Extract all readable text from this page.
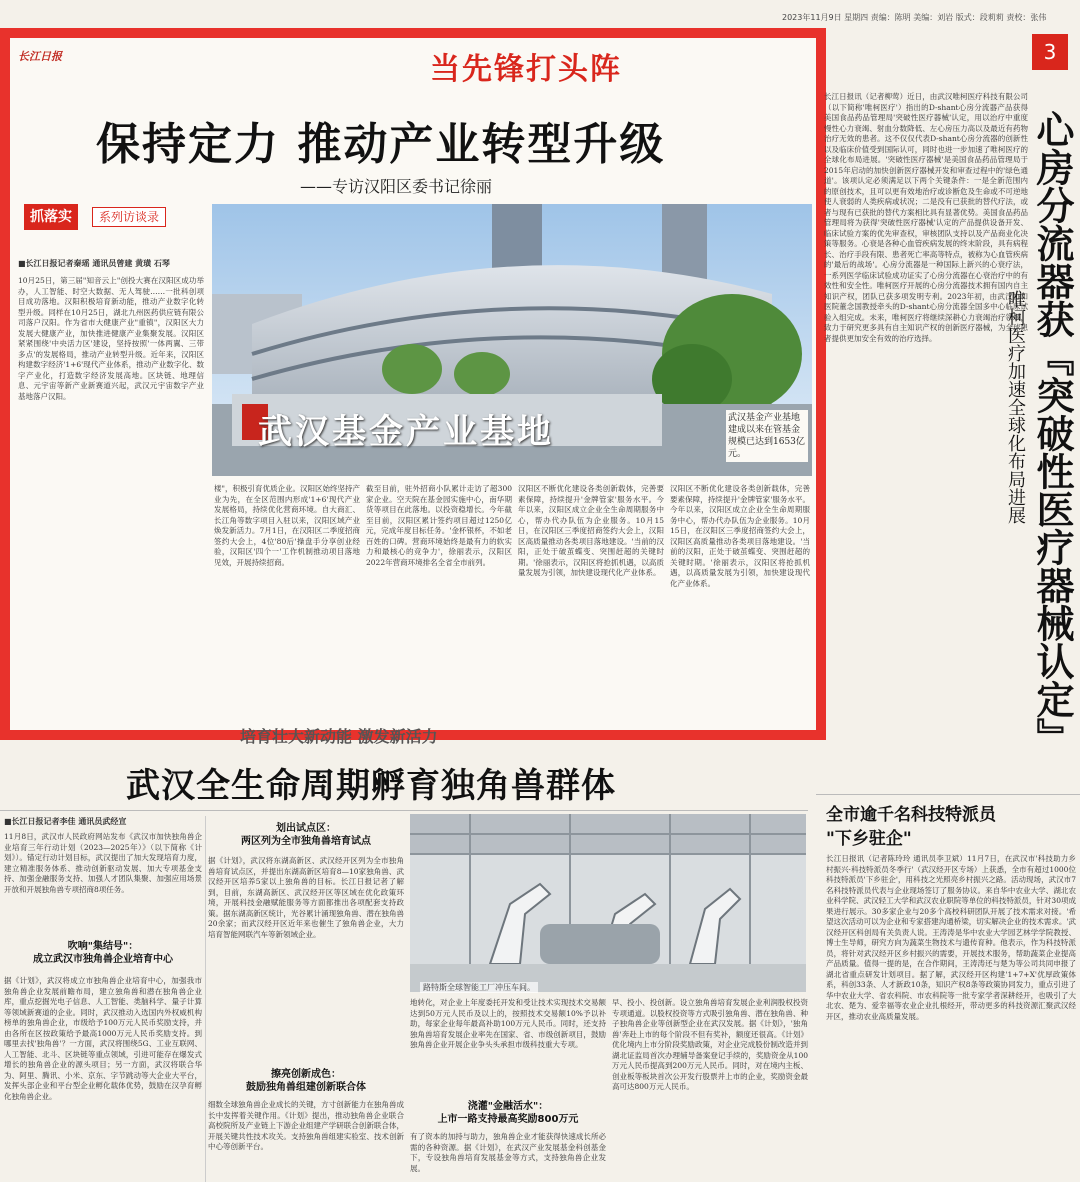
2023年11月9日 星期四 责编：陈明 美编：刘岩 版式：段莉莉 责校：张伟
3
长江日报	当先锋打头阵
保持定力 推动产业转型升级
——专访汉阳区委书记徐丽
抓落实	系列访谈录
■长江日报记者秦瑶 通讯员曾建 黄璜 石琴
武汉基金产业基地	武汉基金产业基地建成以来在管基金规模已达到1653亿元。
10月25日，第三届"知音云上"创投大赛在汉阳区成功举办，人工智能、时空大数据、无人驾驶……一批科创项目成功落地。汉阳积极培育新动能，推动产业数字化转型升级。同样在10月25日，湖北九州医药供应链有限公司落户汉阳。作为省市大健康产业"重镇"，汉阳区大力发展大健康产业，加快推进健康产业集聚发展。汉阳区紧紧围绕'中央活力区'建设，坚持按照'一体两翼、三带多点'的发展格局，推动产业转型升级。近年来，汉阳区构建数字经济'1+6'现代产业体系，推动产业数字化、数字产业化，打造数字经济发展高地。区块链、地理信息、元宇宙等新产业新赛道兴起，武汉元宇宙数字产业基地落户汉阳。
楼"，积极引育优质企业。汉阳区始终坚持产业为先，在全区范围内形成'1+6'现代产业发展格局，持续优化营商环境。自大商汇、长江角等数字项目入驻以来，汉阳区域产业焕发新活力。7月1日，在汉阳区二季度招商签约大会上，4位'80后'操盘手分享创业经验，汉阳区'四个一'工作机制推动项目落地见效，开展持续招商。
截至目前，驻外招商小队累计走访了超300家企业。空天院在基金园实施中心，南华期货等项目在此落地。以投资稳增长。今年截至目前，汉阳区累计签约项目超过1250亿元，完成年度目标任务。'金杯银杯，不如老百姓的口碑。营商环境始终是最有力的软实力和最核心的竞争力'，徐丽表示，汉阳区2022年营商环境排名全省全市前列。
汉阳区不断优化建设各类创新载体，完善要素保障，持续提升'金牌管家'服务水平。今年以来，汉阳区成立企业全生命周期服务中心，帮办代办队伍为企业服务。10月15日，在汉阳区三季度招商签约大会上，汉阳区高质量推动各类项目落地建设。'当前的汉阳，正处于破茧蝶变、突围赶超的关键时期。'徐丽表示，汉阳区将抢抓机遇，以高质量发展为引领，加快建设现代化产业体系。
汉阳区不断优化建设各类创新载体，完善要素保障，持续提升'金牌管家'服务水平。今年以来，汉阳区成立企业全生命周期服务中心，帮办代办队伍为企业服务。10月15日，在汉阳区三季度招商签约大会上，汉阳区高质量推动各类项目落地建设。'当前的汉阳，正处于破茧蝶变、突围赶超的关键时期。'徐丽表示，汉阳区将抢抓机遇，以高质量发展为引领，加快建设现代化产业体系。
长江日报讯（记者柳莺）近日，由武汉唯柯医疗科技有限公司（以下简称'唯柯医疗'）指出的D-shant心房分流器产品获得美国食品药品管理局'突破性医疗器械'认定，用以治疗中重度慢性心力衰竭、射血分数降低、左心房压力高以及最近有药物治疗无效的患者。这不仅仅代表D-shant心房分流器的创新性以及临床价值受到国际认可，同时也进一步加速了唯柯医疗的全球化布局进展。'突破性医疗器械'是美国食品药品管理局于2015年启动的加快创新医疗器械开发和审查过程中的'绿色通道'。该项认定必须满足以下两个关键条件：一是全新范围内的原创技术，且可以更有效地治疗或诊断危及生命或不可逆地使人衰弱的人类疾病或状况；二是没有已获批的替代疗法，或者与现有已获批的替代方案相比具有显著优势。美国食品药品管理局将为获得'突破性医疗器械'认定的产品提供设备开发、临床试验方案的优先审查权，审核团队支持以及产品商业化决策等服务。心衰是各种心血管疾病发展的终末阶段，具有病程长、治疗手段有限、患者死亡率高等特点，被称为心血管疾病的'最后的战场'。心房分流器是一种国际上新兴的心衰疗法，一系列医学临床试验成功证实了心房分流器在心衰治疗中的有效性和安全性。唯柯医疗开展的心房分流器技术拥有国内自主知识产权，团队已获多项发明专利。2023年初，由武汉协和医院董念国教授牵头的D-shant心房分流器全国多中心临床试验入组完成。未来，唯柯医疗将继续深耕心力衰竭治疗领域，致力于研究更多具有自主知识产权的创新医疗器械，为全球患者提供更加安全有效的治疗选择。	心房分流器获『突破性医疗器械认定』
唯柯医疗加速全球化布局进展
培育壮大新动能 激发新活力
武汉全生命周期孵育独角兽群体
■长江日报记者李佳 通讯员武经宣
11月8日，武汉市人民政府网站发布《武汉市加快独角兽企业培育三年行动计划（2023—2025年）》（以下简称《计划》）。锚定行动计划目标，武汉提出了加大发现培育力度，建立精准服务体系、推动创新驱动发展、加大专项基金支持、加强金融服务支持、加强人才团队集聚、加强应用场景开放和开展独角兽专项招商8项任务。
吹响"集结号"：
成立武汉市独角兽企业培育中心
据《计划》，武汉将成立市独角兽企业培育中心，加强我市独角兽企业发展前瞻布局，建立独角兽和潜在独角兽企业库，重点挖掘光电子信息、人工智能、类脑科学、量子计算等领域新赛道的企业。同时，武汉推动入选国内外权威机构榜单的独角兽企业，市级给予100万元人民币奖励支持，并由各所在区按政策给予最高1000万元人民币奖励支持。到哪里去找'独角兽'？一方面，武汉将围绕5G、工业互联网、人工智能、北斗、区块链等重点领域，引进可能存在爆发式增长的独角兽企业的源头项目；另一方面，武汉将联合华为、阿里、腾讯、小米、京东、字节跳动等大企业大平台，发挥头部企业和平台型企业孵化载体优势，鼓励在汉孕育孵化独角兽企业。
划出试点区：
两区列为全市独角兽培育试点
据《计划》，武汉将东湖高新区、武汉经开区列为全市独角兽培育试点区，并提出东湖高新区培育8—10家独角兽、武汉经开区培养5家以上独角兽的目标。长江日报记者了解到，目前，东湖高新区、武汉经开区等区域在优化政策环境，开展科技金融赋能服务等方面都推出各项配套支持政策。据东湖高新区统计，光谷累计涌现独角兽、潜在独角兽20余家；而武汉经开区近年来也催生了独角兽企业，大力培育智能网联汽车等新领域企业。
擦亮创新成色：
鼓励独角兽组建创新联合体
细数全球独角兽企业成长的关键，方寸创新能力在独角兽成长中发挥着关键作用。《计划》提出，推动独角兽企业联合高校院所及产业链上下游企业组建产学研联合创新联合体，开展关键共性技术攻关。支持独角兽组建实验室、技术创新中心等创新平台。
路特斯全球智能工厂冲压车间。
地转化，对企业上年度委托开发和受让技术实现技术交易额达到50万元人民币及以上的，按照技术交易额10%予以补助，每家企业每年最高补助100万元人民币。同时，还支持独角兽培育发展企业率先在国家、省、市级创新项目，鼓励独角兽企业开展企业争头头承担市级科技重大专项。
浇灌"金融活水"：
上市一路支持最高奖励800万元
有了资本的加持与助力，独角兽企业才能获得快速成长所必需的各种资源。据《计划》，在武汉产业发展基金科创基金下，专设独角兽培育发展基金等方式，支持独角兽企业发展。
早、投小、投创新。设立独角兽培育发展企业利润股权投资专项通道。以股权投资等方式吸引独角兽、潜在独角兽、种子独角兽企业等创新型企业在武汉发展。据《计划》，'独角兽'奔赴上市的每个阶段不但有奖补，额度还很高。《计划》优化境内上市分阶段奖励政策，对企业完成股份制改造并到湖北证监局首次办理辅导备案登记手续的，奖励资金从100万元人民币提高到200万元人民币。同时，对在境内主板、创业板等板块首次公开发行股票并上市的企业，奖励资金最高可达800万元人民币。
全市逾千名科技特派员
"下乡驻企"
长江日报讯（记者陈玲玲 通讯员李卫斌）11月7日，在武汉市'科技助力乡村振兴·科技特派员冬季行'（武汉经开区专场）上获悉，全市有超过1000位科技特派员'下乡驻企'，用科技之光照亮乡村振兴之路。活动现场，武汉市7名科技特派员代表与企业现场签订了服务协议。来自华中农业大学、湖北农业科学院、武汉轻工大学和武汉农业职院等单位的科技特派员，针对30项成果进行展示。30多家企业与20多个高校科研团队开展了技术需求对接。'希望这次活动可以为企业和专家搭建沟通桥梁，切实解决企业的技术需求。'武汉经开区科创局有关负责人说。王涛涛是华中农业大学园艺林学学院教授、博士生导师，研究方向为蔬菜生物技术与遗传育种。他表示，作为科技特派员，将针对武汉经开区乡村振兴的需要，开展技术服务，帮助蔬菜企业提高产品质量。值得一提的是，在合作期间，王涛涛还与楚为等公司共同申报了湖北省重点研发计划项目。据了解，武汉经开区构建'1+7+X'优厚政策体系，科创33条、人才新政10条，知识产权8条等政策协同发力，重点引进了华中农业大学、省农科院、市农科院等一批专家学者深耕经开，也吸引了大北农、楚为、爱幸福等农业企业扎根经开，带动更多的科技资源汇聚武汉经开区，推动农业高质量发展。
